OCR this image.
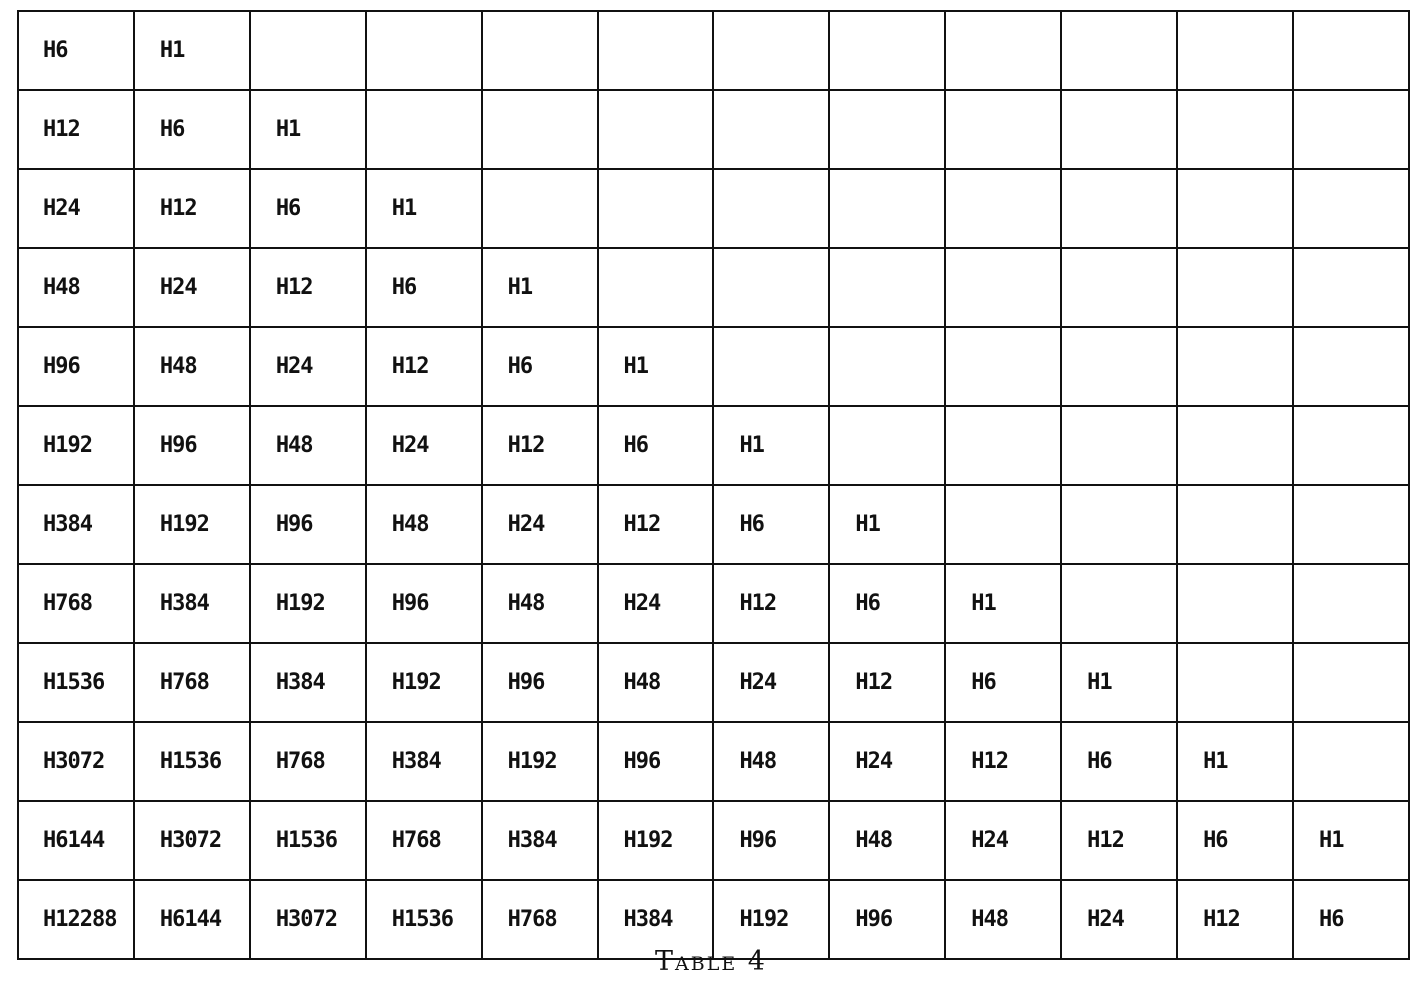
H6	H1										
H12	H6	H1									
H24	H12	H6	H1								
H48	H24	H12	H6	H1							
H96	H48	H24	H12	H6	H1						
H192	H96	H48	H24	H12	H6	H1					
H384	H192	H96	H48	H24	H12	H6	H1				
H768	H384	H192	H96	H48	H24	H12	H6	H1			
H1536	H768	H384	H192	H96	H48	H24	H12	H6	H1		
H3072	H1536	H768	H384	H192	H96	H48	H24	H12	H6	H1	
H6144	H3072	H1536	H768	H384	H192	H96	H48	H24	H12	H6	H1
H12288	H6144	H3072	H1536	H768	H384	H192	H96	H48	H24	H12	H6
Table 4
